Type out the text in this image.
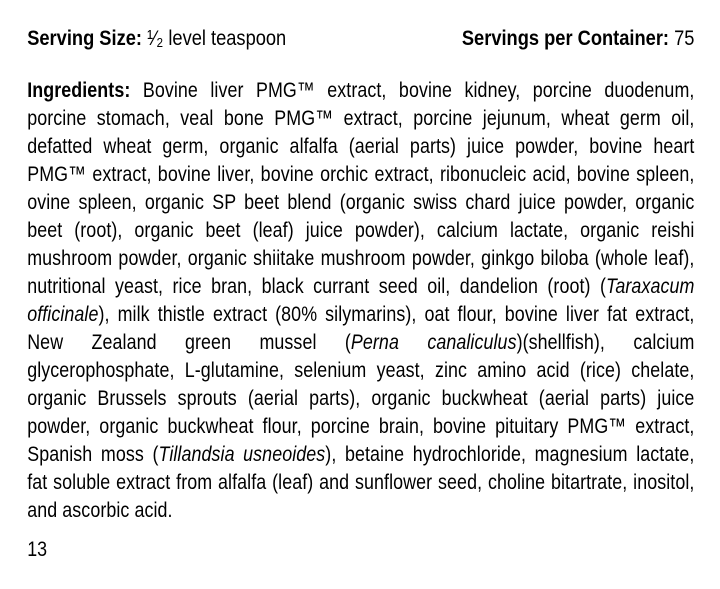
Serving Size: ¹⁄₂ level teaspoon	Servings per Container: 75

Ingredients: Bovine liver PMG™ extract, bovine kidney, porcine duodenum, porcine stomach, veal bone PMG™ extract, porcine jejunum, wheat germ oil, defatted wheat germ, organic alfalfa (aerial parts) juice powder, bovine heart PMG™ extract, bovine liver, bovine orchic extract, ribonucleic acid, bovine spleen, ovine spleen, organic SP beet blend (organic swiss chard juice powder, organic beet (root), organic beet (leaf) juice powder), calcium lactate, organic reishi mushroom powder, organic shiitake mushroom powder, ginkgo biloba (whole leaf), nutritional yeast, rice bran, black currant seed oil, dandelion (root) (Taraxacum officinale), milk thistle extract (80% silymarins), oat flour, bovine liver fat extract, New Zealand green mussel (Perna canaliculus)(shellfish), calcium glycerophosphate, L-glutamine, selenium yeast, zinc amino acid (rice) chelate, organic Brussels sprouts (aerial parts), organic buckwheat (aerial parts) juice powder, organic buckwheat flour, porcine brain, bovine pituitary PMG™ extract, Spanish moss (Tillandsia usneoides), betaine hydrochloride, magnesium lactate, fat soluble extract from alfalfa (leaf) and sunflower seed, choline bitartrate, inositol, and ascorbic acid.

13
